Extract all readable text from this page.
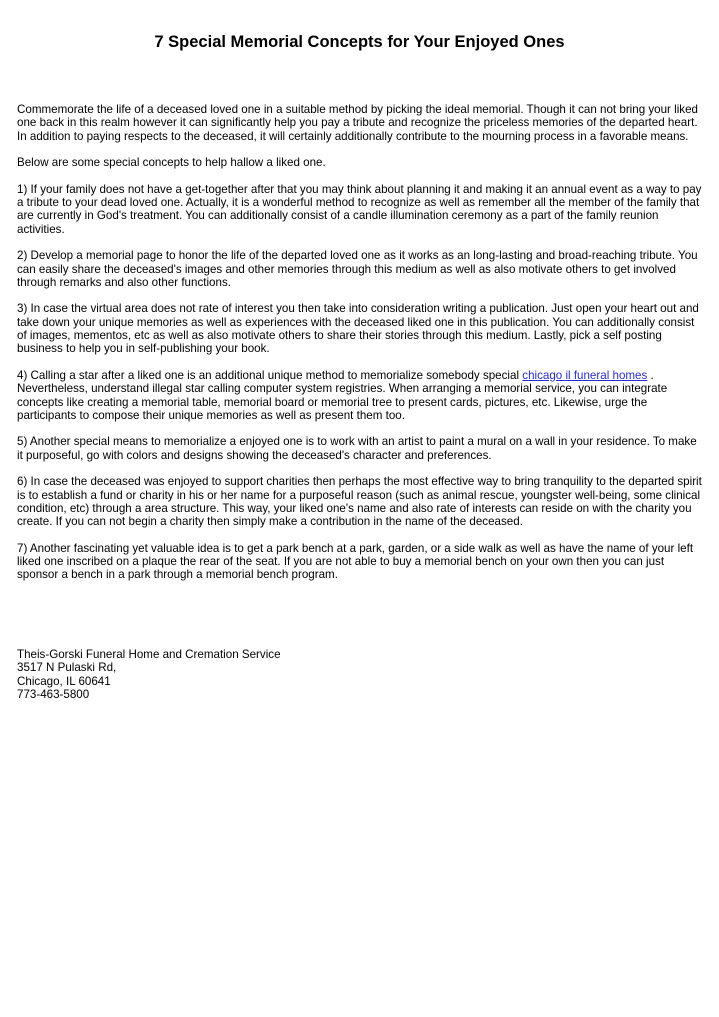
7 Special Memorial Concepts for Your Enjoyed Ones

Commemorate the life of a deceased loved one in a suitable method by picking the ideal memorial. Though it can not bring your liked one back in this realm however it can significantly help you pay a tribute and recognize the priceless memories of the departed heart. In addition to paying respects to the deceased, it will certainly additionally contribute to the mourning process in a favorable means.

Below are some special concepts to help hallow a liked one.

1) If your family does not have a get-together after that you may think about planning it and making it an annual event as a way to pay a tribute to your dead loved one. Actually, it is a wonderful method to recognize as well as remember all the member of the family that are currently in God's treatment. You can additionally consist of a candle illumination ceremony as a part of the family reunion activities.

2) Develop a memorial page to honor the life of the departed loved one as it works as an long-lasting and broad-reaching tribute. You can easily share the deceased's images and other memories through this medium as well as also motivate others to get involved through remarks and also other functions.

3) In case the virtual area does not rate of interest you then take into consideration writing a publication. Just open your heart out and take down your unique memories as well as experiences with the deceased liked one in this publication. You can additionally consist of images, mementos, etc as well as also motivate others to share their stories through this medium. Lastly, pick a self posting business to help you in self-publishing your book.

4) Calling a star after a liked one is an additional unique method to memorialize somebody special chicago il funeral homes . Nevertheless, understand illegal star calling computer system registries. When arranging a memorial service, you can integrate concepts like creating a memorial table, memorial board or memorial tree to present cards, pictures, etc. Likewise, urge the participants to compose their unique memories as well as present them too.

5) Another special means to memorialize a enjoyed one is to work with an artist to paint a mural on a wall in your residence. To make it purposeful, go with colors and designs showing the deceased's character and preferences.

6) In case the deceased was enjoyed to support charities then perhaps the most effective way to bring tranquility to the departed spirit is to establish a fund or charity in his or her name for a purposeful reason (such as animal rescue, youngster well-being, some clinical condition, etc) through a area structure. This way, your liked one's name and also rate of interests can reside on with the charity you create. If you can not begin a charity then simply make a contribution in the name of the deceased.

7) Another fascinating yet valuable idea is to get a park bench at a park, garden, or a side walk as well as have the name of your left liked one inscribed on a plaque the rear of the seat. If you are not able to buy a memorial bench on your own then you can just sponsor a bench in a park through a memorial bench program.

Theis-Gorski Funeral Home and Cremation Service
3517 N Pulaski Rd,
Chicago, IL 60641
773-463-5800
